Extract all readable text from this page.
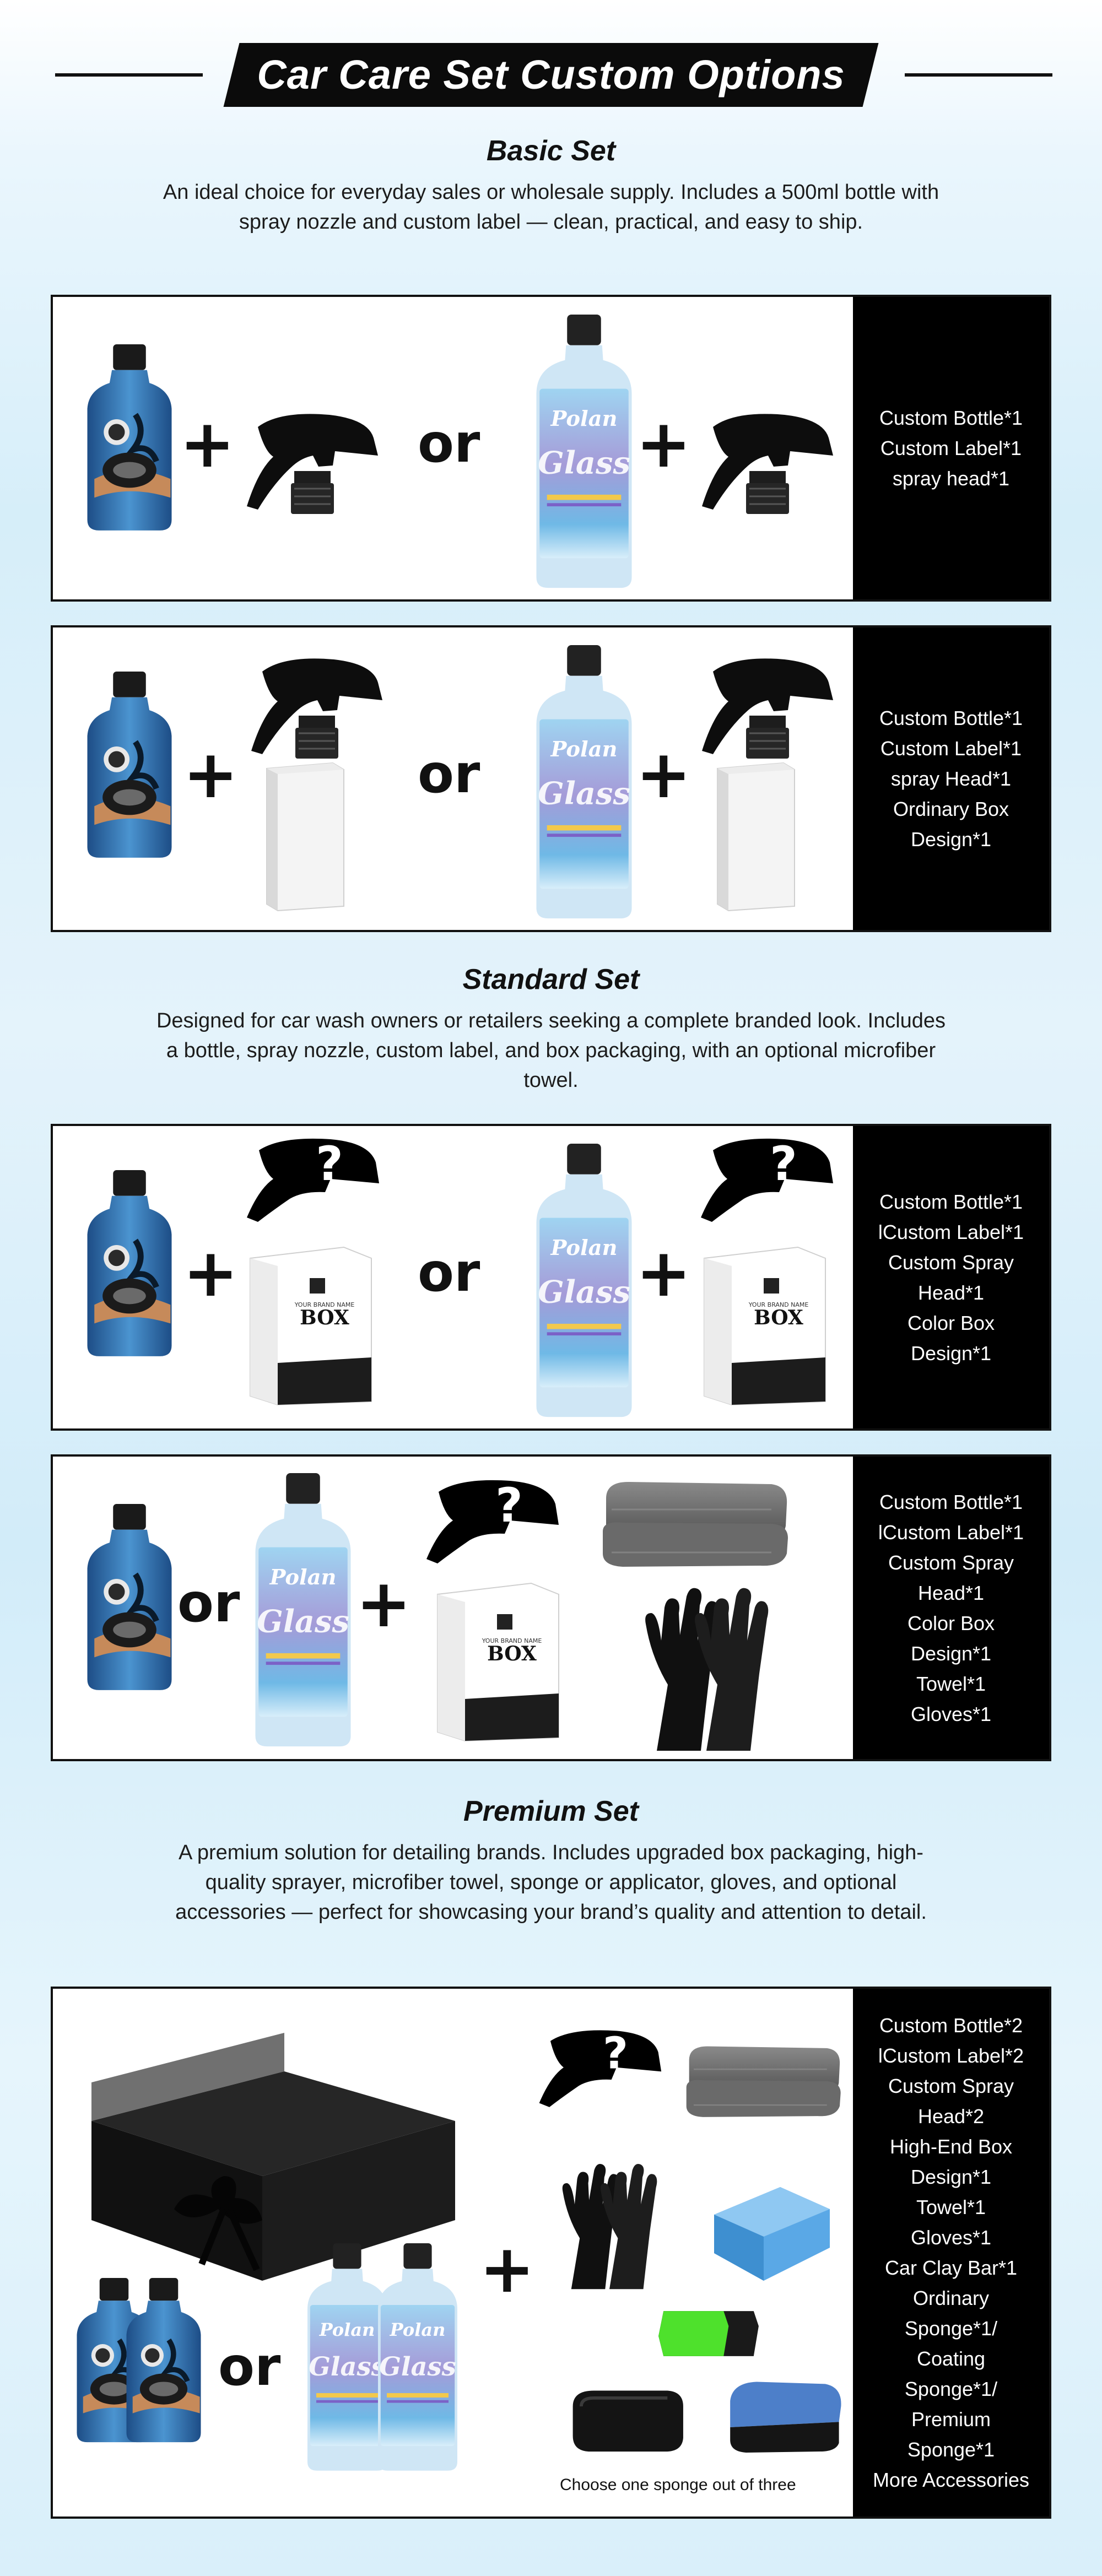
Car Care Set Custom Options
Basic Set
An ideal choice for everyday sales or wholesale supply. Includes a 500ml bottle with spray nozzle and custom label — clean, practical, and easy to ship.
+	or +	Custom Bottle*1
Custom Label*1
spray head*1
+	or +
Custom Bottle*1
Custom Label*1
spray Head*1
Ordinary Box
Design*1
Standard Set
Designed for car wash owners or retailers seeking a complete branded look. Includes a bottle, spray nozzle, custom label, and box packaging, with an optional microfiber towel.
+	or +
Custom Bottle*1
lCustom Label*1
Custom Spray
Head*1
Color Box
Design*1
or +
Custom Bottle*1
lCustom Label*1
Custom Spray
Head*1
Color Box
Design*1
Towel*1
Gloves*1
Premium Set
A premium solution for detailing brands. Includes upgraded box packaging, high-quality sprayer, microfiber towel, sponge or applicator, gloves, and optional accessories — perfect for showcasing your brand’s quality and attention to detail.
or
+
Choose one sponge out of three
Custom Bottle*2
lCustom Label*2
Custom Spray
Head*2
High-End Box
Design*1
Towel*1
Gloves*1
Car Clay Bar*1
Ordinary
Sponge*1/
Coating
Sponge*1/
Premium
Sponge*1
More Accessories
